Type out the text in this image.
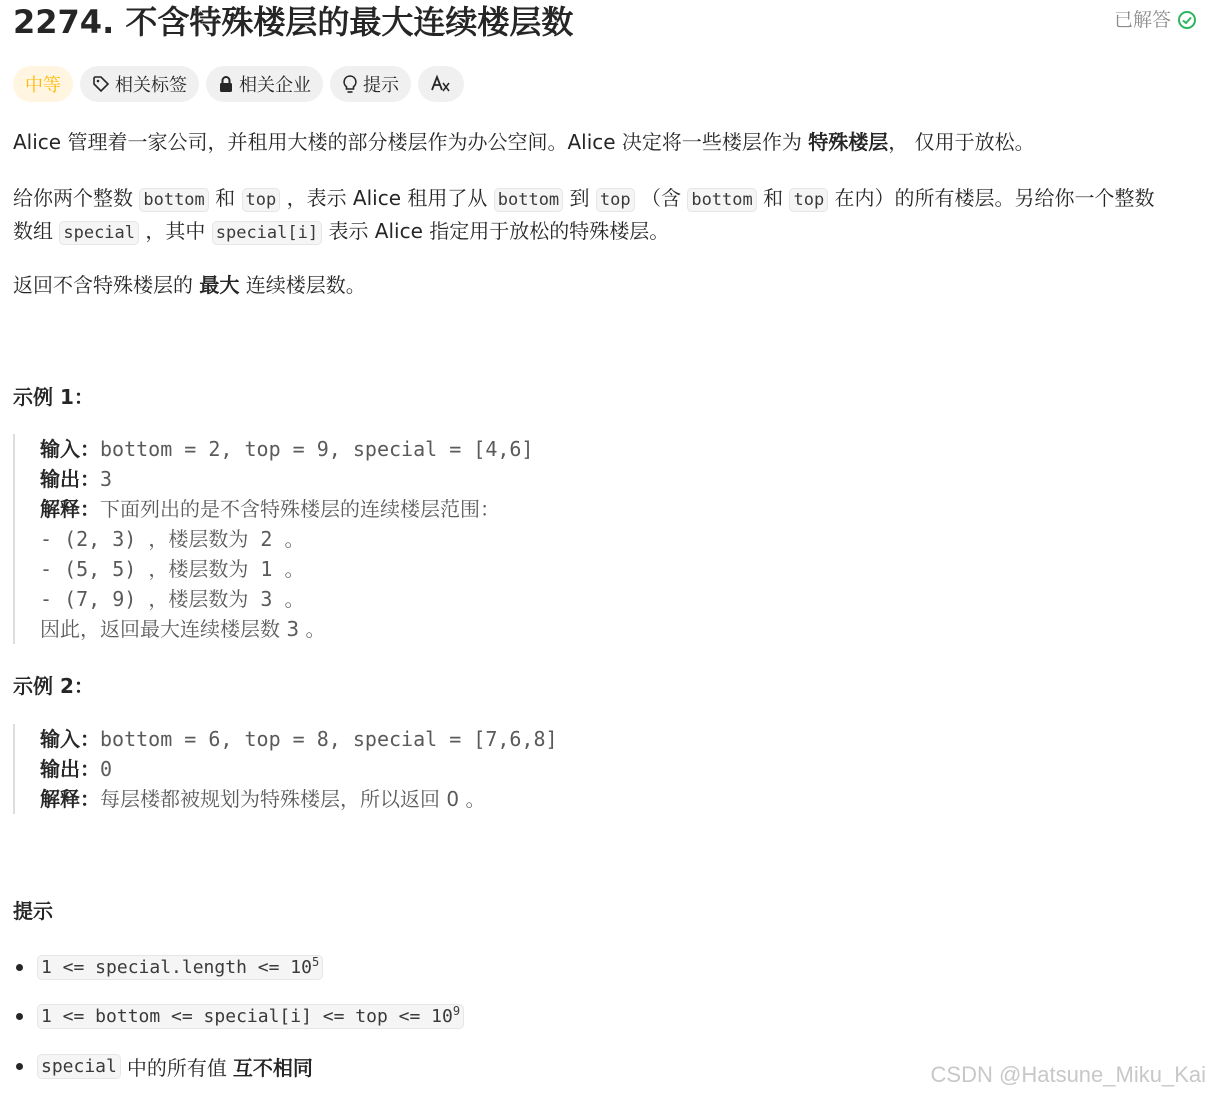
2274. 不含特殊楼层的最大连续楼层数	已解答
中等	相关标签	相关企业	提示
Alice 管理着一家公司，并租用大楼的部分楼层作为办公空间。Alice 决定将一些楼层作为 特殊楼层， 仅用于放松。
给你两个整数 bottom 和 top ，表示 Alice 租用了从 bottom 到 top （含 bottom 和 top 在内）的所有楼层。另给你一个整数
数组 special ，其中 special[i] 表示 Alice 指定用于放松的特殊楼层。
返回不含特殊楼层的 最大 连续楼层数。
示例 1：
输入：bottom = 2, top = 9, special = [4,6]
输出：3
解释：下面列出的是不含特殊楼层的连续楼层范围：
- (2, 3) ，楼层数为 2 。
- (5, 5) ，楼层数为 1 。
- (7, 9) ，楼层数为 3 。
因此，返回最大连续楼层数 3 。
示例 2：
输入：bottom = 6, top = 8, special = [7,6,8]
输出：0
解释：每层楼都被规划为特殊楼层，所以返回 0 。
提示
1 <= special.length <= $10^5$
1 <= bottom <= special[i] <= top <= $10^9$
special 中的所有值 互不相同	CSDN @Hatsune_Miku_Kai
